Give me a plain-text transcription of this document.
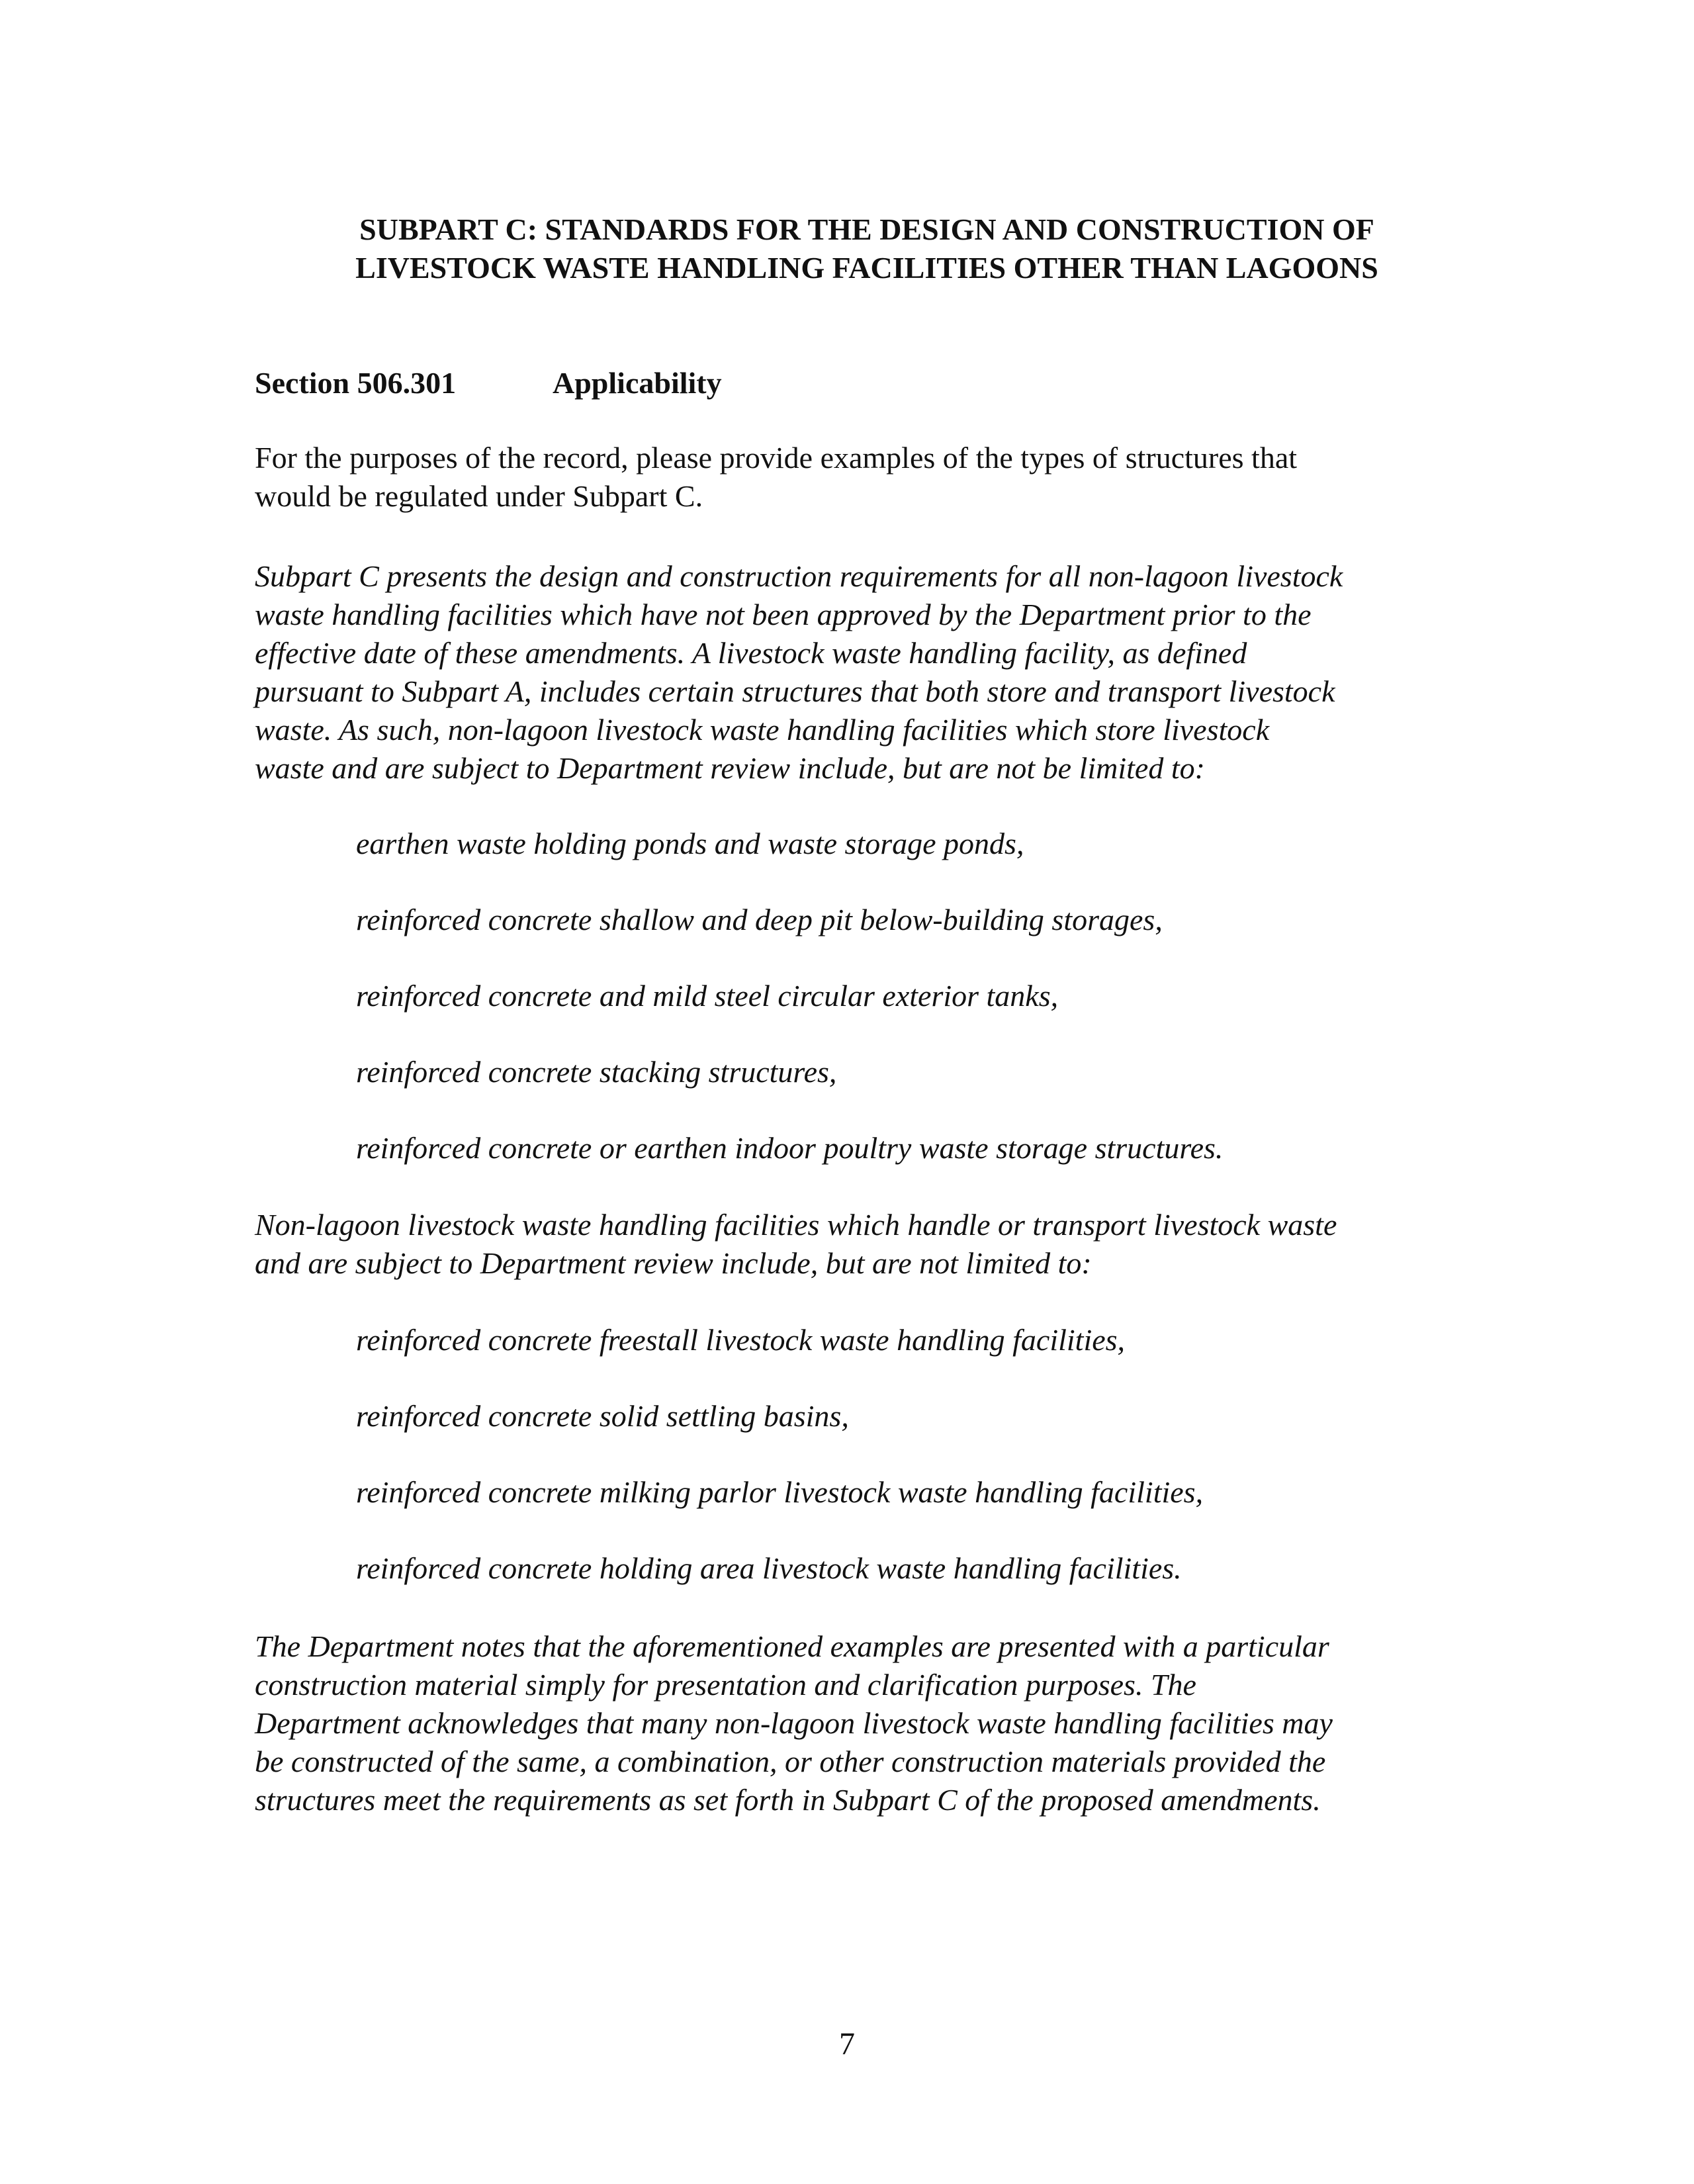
SUBPART C: STANDARDS FOR THE DESIGN AND CONSTRUCTION OF
LIVESTOCK WASTE HANDLING FACILITIES OTHER THAN LAGOONS
Section 506.301	Applicability
For the purposes of the record, please provide examples of the types of structures that
would be regulated under Subpart C.
Subpart C presents the design and construction requirements for all non-lagoon livestock
waste handling facilities which have not been approved by the Department prior to the
effective date of these amendments. A livestock waste handling facility, as defined
pursuant to Subpart A, includes certain structures that both store and transport livestock
waste. As such, non-lagoon livestock waste handling facilities which store livestock
waste and are subject to Department review include, but are not be limited to:
earthen waste holding ponds and waste storage ponds,
reinforced concrete shallow and deep pit below-building storages,
reinforced concrete and mild steel circular exterior tanks,
reinforced concrete stacking structures,
reinforced concrete or earthen indoor poultry waste storage structures.
Non-lagoon livestock waste handling facilities which handle or transport livestock waste
and are subject to Department review include, but are not limited to:
reinforced concrete freestall livestock waste handling facilities,
reinforced concrete solid settling basins,
reinforced concrete milking parlor livestock waste handling facilities,
reinforced concrete holding area livestock waste handling facilities.
The Department notes that the aforementioned examples are presented with a particular
construction material simply for presentation and clarification purposes. The
Department acknowledges that many non-lagoon livestock waste handling facilities may
be constructed of the same, a combination, or other construction materials provided the
structures meet the requirements as set forth in Subpart C of the proposed amendments.
7
